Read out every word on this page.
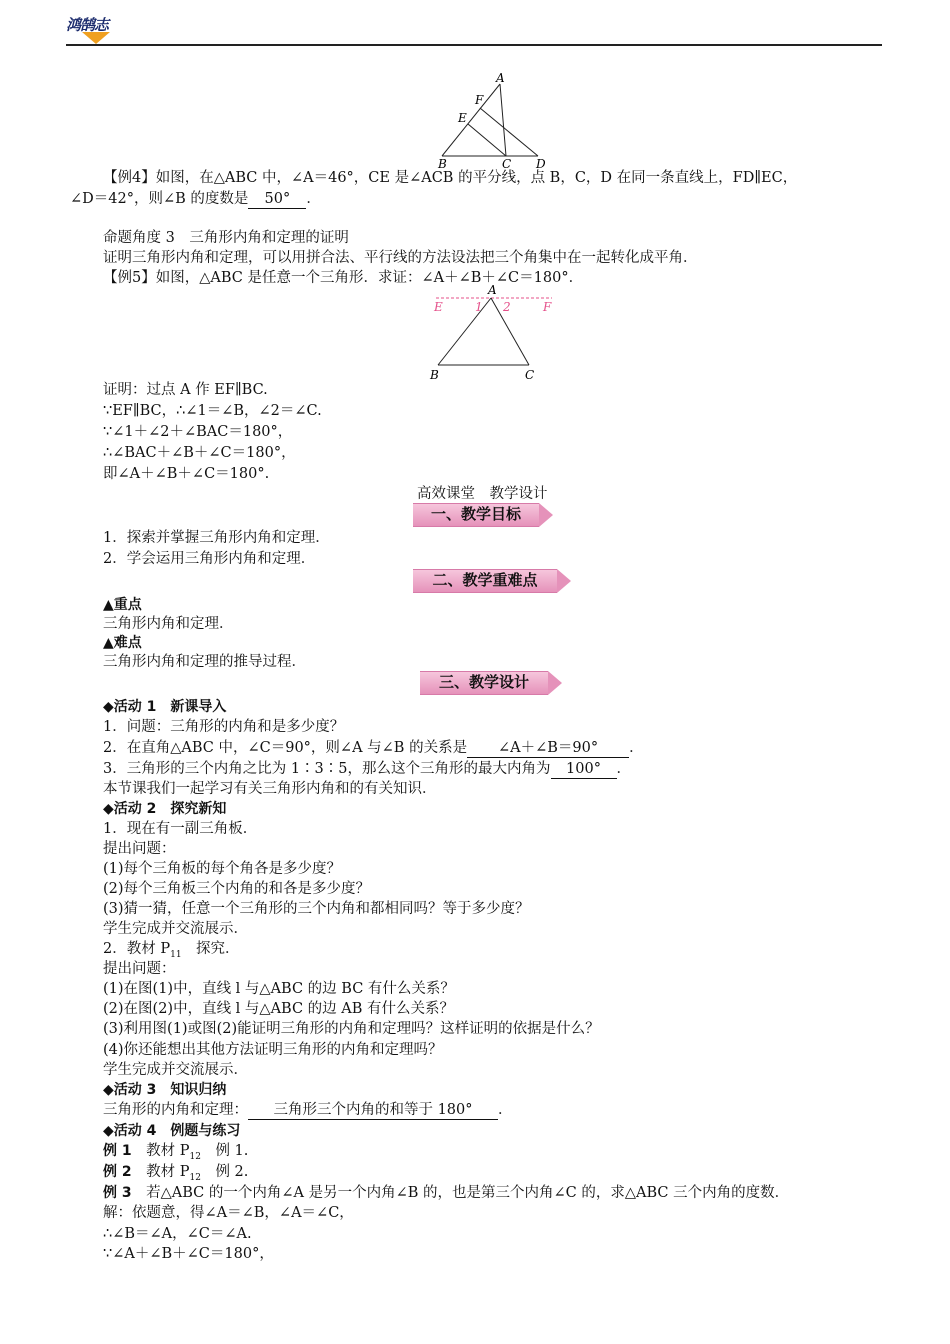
鸿鹄志
A
F
E
B	C D
【例4】如图，在△ABC 中，∠A＝46°，CE 是∠ACB 的平分线，点 B，C，D 在同一条直线上，FD∥EC，
∠D＝42°，则∠B 的度数是 50° ．
命题角度 3　三角形内角和定理的证明
证明三角形内角和定理，可以用拼合法、平行线的方法设法把三个角集中在一起转化成平角．
【例5】如图，△ABC 是任意一个三角形．求证：∠A＋∠B＋∠C＝180°．
A
E	1 2	F
B	C
证明：过点 A 作 EF∥BC.
∵EF∥BC，∴∠1＝∠B，∠2＝∠C.
∵∠1＋∠2＋∠BAC＝180°，
∴∠BAC＋∠B＋∠C＝180°，
即∠A＋∠B＋∠C＝180°.
高效课堂　教学设计
一、教学目标
1．探索并掌握三角形内角和定理．
2．学会运用三角形内角和定理．
二、教学重难点
▲重点
三角形内角和定理．
▲难点
三角形内角和定理的推导过程．
三、教学设计
◆活动 1　新课导入
1．问题：三角形的内角和是多少度？
2．在直角△ABC 中，∠C＝90°，则∠A 与∠B 的关系是 ∠A＋∠B＝90° ．
3．三角形的三个内角之比为 1∶3∶5，那么这个三角形的最大内角为 100° ．
本节课我们一起学习有关三角形内角和的有关知识．
◆活动 2　探究新知
1．现在有一副三角板．
提出问题：
(1)每个三角板的每个角各是多少度？
(2)每个三角板三个内角的和各是多少度？
(3)猜一猜，任意一个三角形的三个内角和都相同吗？等于多少度？
学生完成并交流展示．
2．教材 $P_{11}$　探究．
提出问题：
(1)在图(1)中，直线 l 与△ABC 的边 BC 有什么关系？
(2)在图(2)中，直线 l 与△ABC 的边 AB 有什么关系？
(3)利用图(1)或图(2)能证明三角形的内角和定理吗？这样证明的依据是什么？
(4)你还能想出其他方法证明三角形的内角和定理吗？
学生完成并交流展示．
◆活动 3　知识归纳
三角形的内角和定理： 三角形三个内角的和等于 180° ．
◆活动 4　例题与练习
例 1　教材 $P_{12}$　例 1.
例 2　教材 $P_{12}$　例 2.
例 3　若△ABC 的一个内角∠A 是另一个内角∠B 的，也是第三个内角∠C 的，求△ABC 三个内角的度数．
解：依题意，得∠A＝∠B，∠A＝∠C，
∴∠B＝∠A，∠C＝∠A.
∵∠A＋∠B＋∠C＝180°，
